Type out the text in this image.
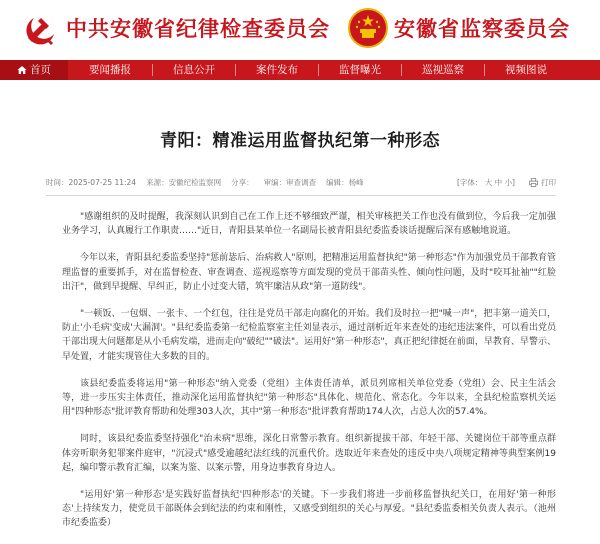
中共安徽省纪律检查委员会	安徽省监察委员会
首页	要闻播报	信息公开	案件发布	监督曝光	巡视巡察	视频图说
青阳：精准运用监督执纪第一种形态
时间：2025-07-25 11:24 来源：安徽纪检监察网 分享： 审编：审查调查 编辑：杨峰	[字体： 大 中 小]	打印

"感谢组织的及时提醒，我深刻认识到自己在工作上还不够细致严谨，相关审核把关工作也没有做到位，今后我一定加强业务学习，认真履行工作职责……"近日，青阳县某单位一名副局长被青阳县纪委监委谈话提醒后深有感触地说道。

今年以来，青阳县纪委监委坚持"惩前毖后、治病救人"原则，把精准运用监督执纪"第一种形态"作为加强党员干部教育管理监督的重要抓手，对在监督检查、审查调查、巡视巡察等方面发现的党员干部苗头性、倾向性问题，及时"咬耳扯袖""红脸出汗"，做到早提醒、早纠正，防止小过变大错，筑牢廉洁从政"第一道防线"。

"一顿饭、一包烟、一张卡、一个红包，往往是党员干部走向腐化的开始。我们及时拉一把"喊一声"，把丰第一道关口，防止'小毛病'变成'大漏洞'。"县纪委监委第一纪检监察室主任刘显表示，通过剖析近年来查处的违纪违法案件，可以看出党员干部出现大问题都是从小毛病发端，进而走向"破纪""破法"。运用好"第一种形态"，真正把纪律挺在前面，早教育、早警示、早处置，才能实现管住大多数的目的。

该县纪委监委将运用"第一种形态"纳入党委（党组）主体责任清单，派员列席相关单位党委（党组）会、民主生活会等，进一步压实主体责任，推动深化运用监督执纪"第一种形态"具体化、规范化、常态化。今年以来，全县纪检监察机关运用"四种形态"批评教育帮助和处理303人次，其中"第一种形态"批评教育帮助174人次，占总人次的57.4%。

同时，该县纪委监委坚持强化"治未病"思维，深化日常警示教育。组织新提拔干部、年轻干部、关键岗位干部等重点群体旁听职务犯罪案件庭审，"沉浸式"感受逾越纪法红线的沉重代价。选取近年来查处的违反中央八项规定精神等典型案例19起，编印警示教育汇编，以案为鉴、以案示警，用身边事教育身边人。

"运用好'第一种形态'是实践好监督执纪'四种形态'的关键。下一步我们将进一步前移监督执纪关口，在用好'第一种形态'上持续发力，使党员干部既体会到纪法的约束和刚性，又感受到组织的关心与厚爱。"县纪委监委相关负责人表示。（池州市纪委监委）
